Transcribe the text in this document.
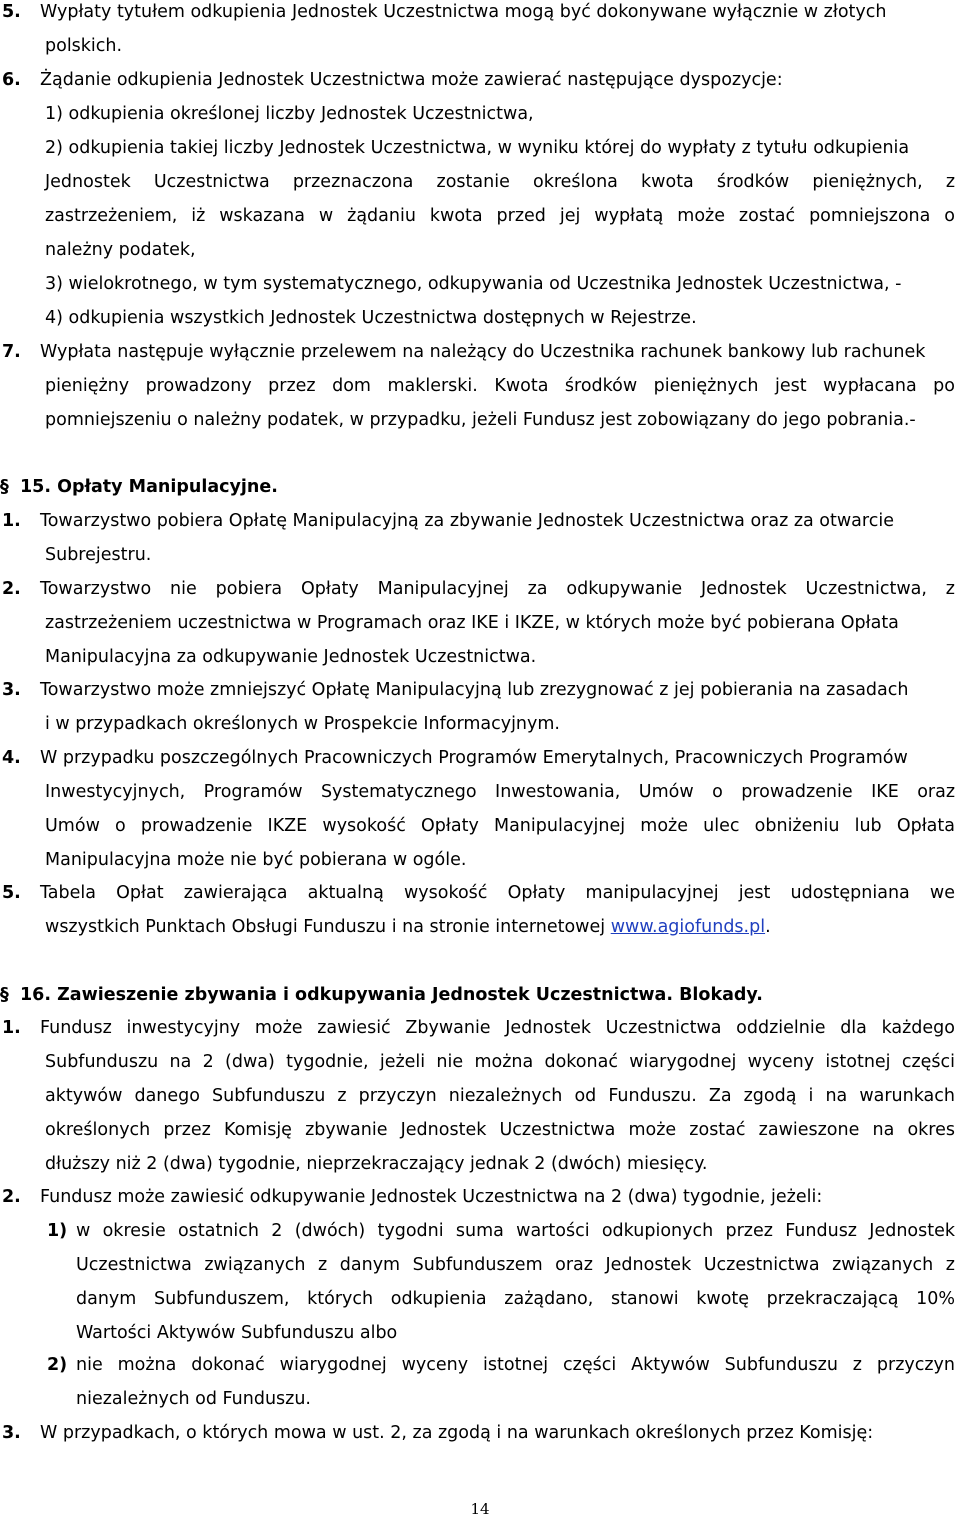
5. Wypłaty tytułem odkupienia Jednostek Uczestnictwa mogą być dokonywane wyłącznie w złotych
polskich.
6. Żądanie odkupienia Jednostek Uczestnictwa może zawierać następujące dyspozycje:
1) odkupienia określonej liczby Jednostek Uczestnictwa,
2) odkupienia takiej liczby Jednostek Uczestnictwa, w wyniku której do wypłaty z tytułu odkupienia
Jednostek Uczestnictwa przeznaczona zostanie określona kwota środków pieniężnych, z
zastrzeżeniem, iż wskazana w żądaniu kwota przed jej wypłatą może zostać pomniejszona o
należny podatek,
3) wielokrotnego, w tym systematycznego, odkupywania od Uczestnika Jednostek Uczestnictwa, -
4) odkupienia wszystkich Jednostek Uczestnictwa dostępnych w Rejestrze.
7. Wypłata następuje wyłącznie przelewem na należący do Uczestnika rachunek bankowy lub rachunek
pieniężny prowadzony przez dom maklerski. Kwota środków pieniężnych jest wypłacana po
pomniejszeniu o należny podatek, w przypadku, jeżeli Fundusz jest zobowiązany do jego pobrania.-
§ 15. Opłaty Manipulacyjne.
1. Towarzystwo pobiera Opłatę Manipulacyjną za zbywanie Jednostek Uczestnictwa oraz za otwarcie
Subrejestru.
2. Towarzystwo nie pobiera Opłaty Manipulacyjnej za odkupywanie Jednostek Uczestnictwa, z
zastrzeżeniem uczestnictwa w Programach oraz IKE i IKZE, w których może być pobierana Opłata
Manipulacyjna za odkupywanie Jednostek Uczestnictwa.
3. Towarzystwo może zmniejszyć Opłatę Manipulacyjną lub zrezygnować z jej pobierania na zasadach
i w przypadkach określonych w Prospekcie Informacyjnym.
4. W przypadku poszczególnych Pracowniczych Programów Emerytalnych, Pracowniczych Programów
Inwestycyjnych, Programów Systematycznego Inwestowania, Umów o prowadzenie IKE oraz
Umów o prowadzenie IKZE wysokość Opłaty Manipulacyjnej może ulec obniżeniu lub Opłata
Manipulacyjna może nie być pobierana w ogóle.
5. Tabela Opłat zawierająca aktualną wysokość Opłaty manipulacyjnej jest udostępniana we
wszystkich Punktach Obsługi Funduszu i na stronie internetowej www.agiofunds.pl.
§ 16. Zawieszenie zbywania i odkupywania Jednostek Uczestnictwa. Blokady.
1. Fundusz inwestycyjny może zawiesić Zbywanie Jednostek Uczestnictwa oddzielnie dla każdego
Subfunduszu na 2 (dwa) tygodnie, jeżeli nie można dokonać wiarygodnej wyceny istotnej części
aktywów danego Subfunduszu z przyczyn niezależnych od Funduszu. Za zgodą i na warunkach
określonych przez Komisję zbywanie Jednostek Uczestnictwa może zostać zawieszone na okres
dłuższy niż 2 (dwa) tygodnie, nieprzekraczający jednak 2 (dwóch) miesięcy.
2. Fundusz może zawiesić odkupywanie Jednostek Uczestnictwa na 2 (dwa) tygodnie, jeżeli:
1) w okresie ostatnich 2 (dwóch) tygodni suma wartości odkupionych przez Fundusz Jednostek
Uczestnictwa związanych z danym Subfunduszem oraz Jednostek Uczestnictwa związanych z
danym Subfunduszem, których odkupienia zażądano, stanowi kwotę przekraczającą 10%
Wartości Aktywów Subfunduszu albo
2) nie można dokonać wiarygodnej wyceny istotnej części Aktywów Subfunduszu z przyczyn
niezależnych od Funduszu.
3. W przypadkach, o których mowa w ust. 2, za zgodą i na warunkach określonych przez Komisję:
14
